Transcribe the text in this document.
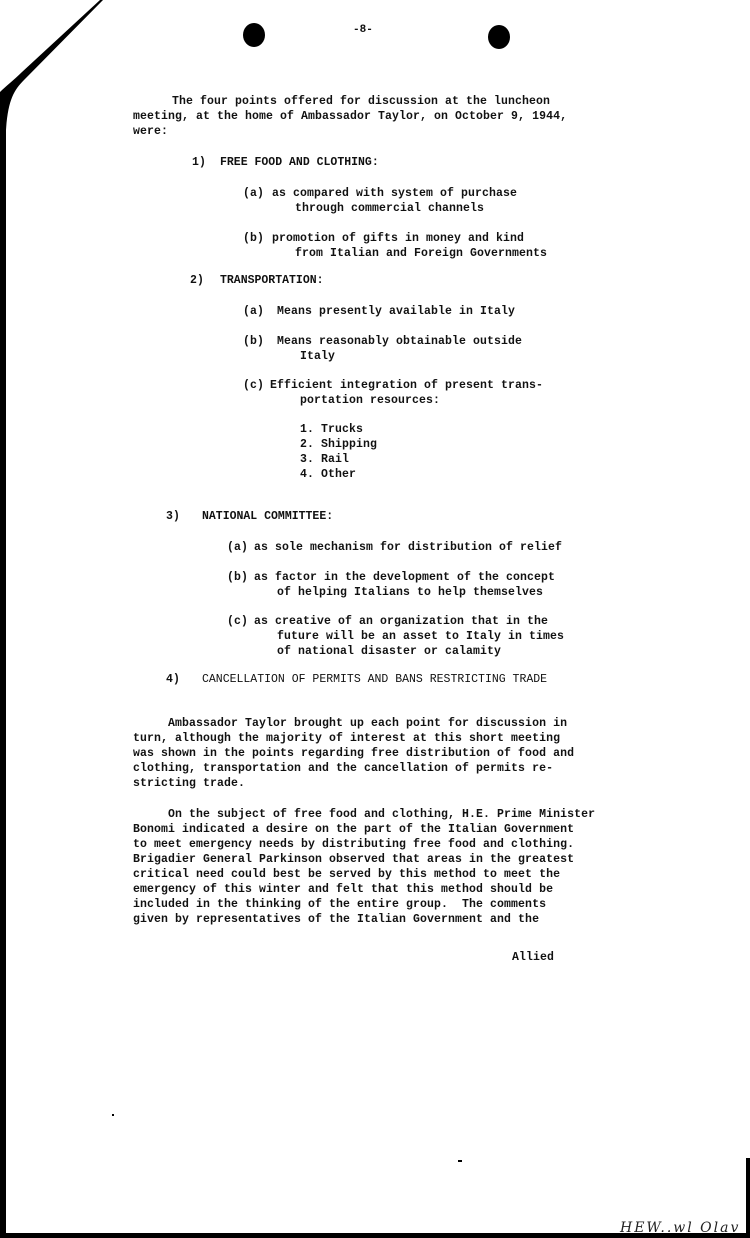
-8-
The four points offered for discussion at the luncheon
meeting, at the home of Ambassador Taylor, on October 9, 1944,
were:
1) FREE FOOD AND CLOTHING:
(a) as compared with system of purchase
through commercial channels
(b) promotion of gifts in money and kind
from Italian and Foreign Governments
2) TRANSPORTATION:
(a) Means presently available in Italy
(b) Means reasonably obtainable outside
Italy
(c) Efficient integration of present trans-
portation resources:
1. Trucks
2. Shipping
3. Rail
4. Other
3) NATIONAL COMMITTEE:
(a) as sole mechanism for distribution of relief
(b) as factor in the development of the concept
of helping Italians to help themselves
(c) as creative of an organization that in the
future will be an asset to Italy in times
of national disaster or calamity
4) CANCELLATION OF PERMITS AND BANS RESTRICTING TRADE
Ambassador Taylor brought up each point for discussion in
turn, although the majority of interest at this short meeting
was shown in the points regarding free distribution of food and
clothing, transportation and the cancellation of permits re-
stricting trade.
On the subject of free food and clothing, H.E. Prime Minister
Bonomi indicated a desire on the part of the Italian Government
to meet emergency needs by distributing free food and clothing.
Brigadier General Parkinson observed that areas in the greatest
critical need could best be served by this method to meet the
emergency of this winter and felt that this method should be
included in the thinking of the entire group.  The comments
given by representatives of the Italian Government and the
Allied
HEW..wl Olav
